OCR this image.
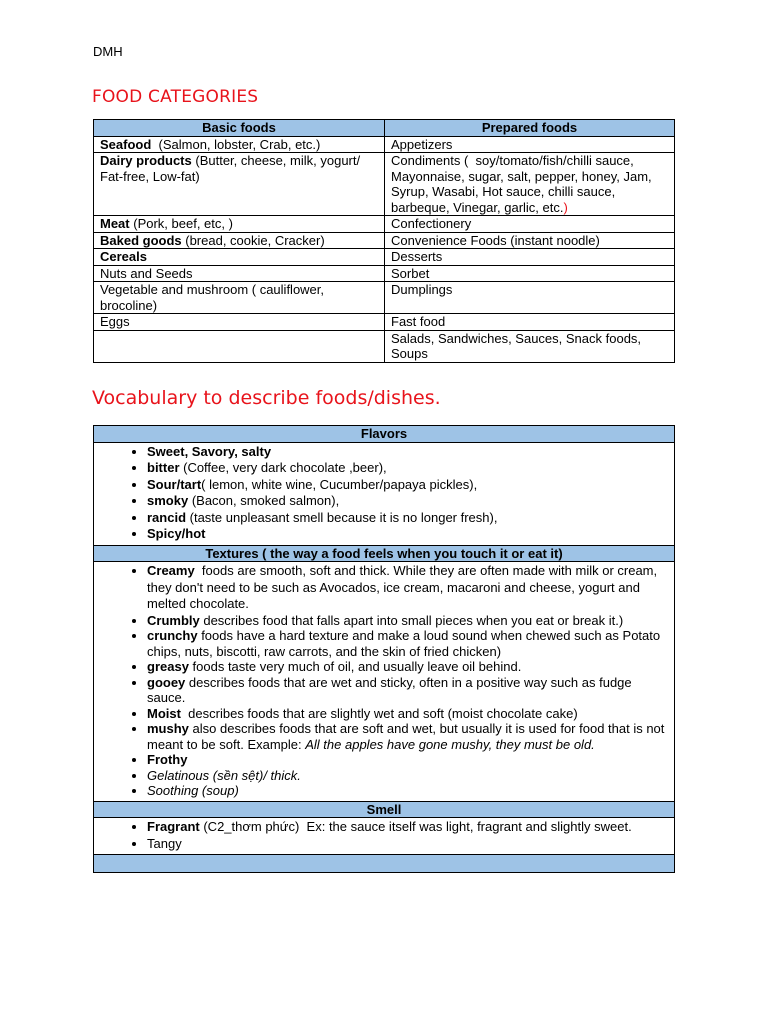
DMH
FOOD CATEGORIES
Basic foods	Prepared foods
Seafood  (Salmon, lobster, Crab, etc.)	Appetizers
Dairy products (Butter, cheese, milk, yogurt/    Fat-free, Low-fat)	Condiments (  soy/tomato/fish/chilli sauce, Mayonnaise, sugar, salt, pepper, honey, Jam, Syrup, Wasabi, Hot sauce, chilli sauce, barbeque, Vinegar, garlic, etc.)
Meat (Pork, beef, etc, )	Confectionery
Baked goods (bread, cookie, Cracker)	Convenience Foods (instant noodle)
Cereals	Desserts
Nuts and Seeds	Sorbet
Vegetable and mushroom ( cauliflower, brocoline)	Dumplings
Eggs	Fast food
	Salads, Sandwiches, Sauces, Snack foods, Soups
Vocabulary to describe foods/dishes.
Flavors

• Sweet, Savory, salty
• bitter (Coffee, very dark chocolate ,beer),
• Sour/tart( lemon, white wine, Cucumber/papaya pickles),
• smoky (Bacon, smoked salmon),
• rancid (taste unpleasant smell because it is no longer fresh),
• Spicy/hot

Textures ( the way a food feels when you touch it or eat it)

• Creamy  foods are smooth, soft and thick. While they are often made with milk or cream, they don't need to be such as Avocados, ice cream, macaroni and cheese, yogurt and melted chocolate.
• Crumbly describes food that falls apart into small pieces when you eat or break it.)
• crunchy foods have a hard texture and make a loud sound when chewed such as Potato chips, nuts, biscotti, raw carrots, and the skin of fried chicken)
• greasy foods taste very much of oil, and usually leave oil behind.
• gooey describes foods that are wet and sticky, often in a positive way such as fudge sauce.
• Moist  describes foods that are slightly wet and soft (moist chocolate cake)
• mushy also describes foods that are soft and wet, but usually it is used for food that is not meant to be soft. Example: All the apples have gone mushy, they must be old.
• Frothy
• Gelatinous (sền sệt)/ thick.
• Soothing (soup)

Smell

• Fragrant (C2_thơm phức)  Ex: the sauce itself was light, fragrant and slightly sweet.
• Tangy
